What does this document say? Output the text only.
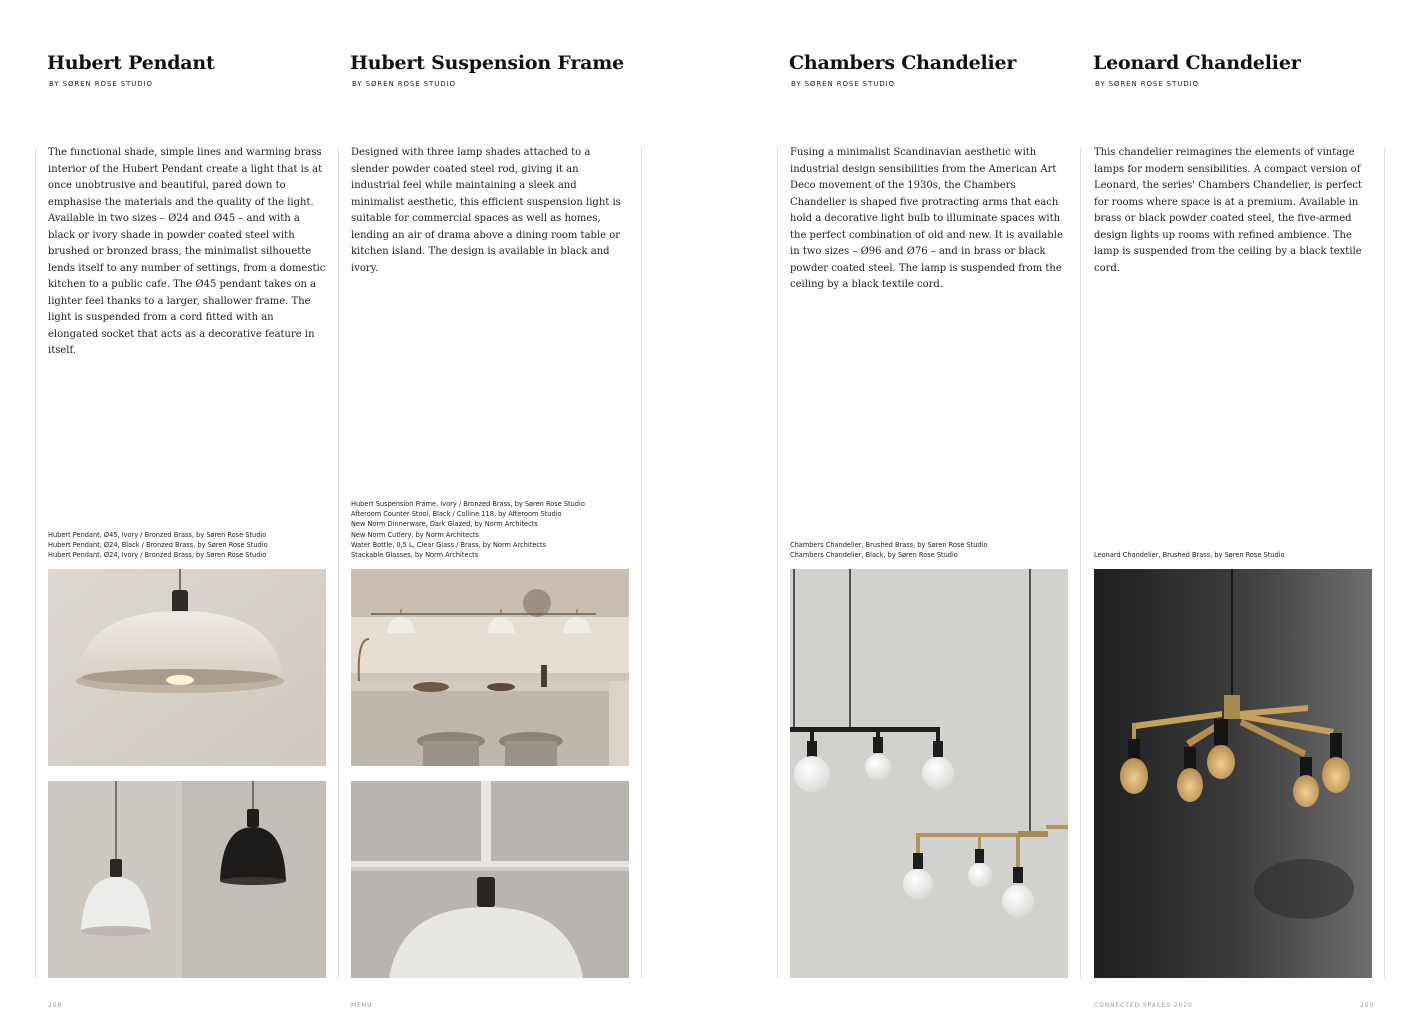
Hubert Pendant
BY SØREN ROSE STUDIO
The functional shade, simple lines and warming brass interior of the Hubert Pendant create a light that is at once unobtrusive and beautiful, pared down to emphasise the materials and the quality of the light. Available in two sizes – Ø24 and Ø45 – and with a black or ivory shade in powder coated steel with brushed or bronzed brass, the minimalist silhouette lends itself to any number of settings, from a domestic kitchen to a public cafe. The Ø45 pendant takes on a lighter feel thanks to a larger, shallower frame. The light is suspended from a cord fitted with an elongated socket that acts as a decorative feature in itself.
Hubert Pendant, Ø45, Ivory / Bronzed Brass, by Søren Rose Studio
Hubert Pendant, Ø24, Black / Bronzed Brass, by Søren Rose Studio
Hubert Pendant, Ø24, Ivory / Bronzed Brass, by Søren Rose Studio
Hubert Suspension Frame
BY SØREN ROSE STUDIO
Designed with three lamp shades attached to a slender powder coated steel rod, giving it an industrial feel while maintaining a sleek and minimalist aesthetic, this efficient suspension light is suitable for commercial spaces as well as homes, lending an air of drama above a dining room table or kitchen island. The design is available in black and ivory.
Hubert Suspension Frame, Ivory / Bronzed Brass, by Søren Rose Studio
Afteroom Counter Stool, Black / Colline 118, by Afteroom Studio
New Norm Dinnerware, Dark Glazed, by Norm Architects
New Norm Cutlery, by Norm Architects
Water Bottle, 0,5 L, Clear Glass / Brass, by Norm Architects
Stackable Glasses, by Norm Architects
Chambers Chandelier
BY SØREN ROSE STUDIO
Fusing a minimalist Scandinavian aesthetic with industrial design sensibilities from the American Art Deco movement of the 1930s, the Chambers Chandelier is shaped five protracting arms that each hold a decorative light bulb to illuminate spaces with the perfect combination of old and new. It is available in two sizes – Ø96 and Ø76 – and in brass or black powder coated steel. The lamp is suspended from the ceiling by a black textile cord.
Chambers Chandelier, Brushed Brass, by Søren Rose Studio
Chambers Chandelier, Black, by Søren Rose Studio
Leonard Chandelier
BY SØREN ROSE STUDIO
This chandelier reimagines the elements of vintage lamps for modern sensibilities. A compact version of Leonard, the series' Chambers Chandelier, is perfect for rooms where space is at a premium. Available in brass or black powder coated steel, the five-armed design lights up rooms with refined ambience. The lamp is suspended from the ceiling by a black textile cord.
Leonard Chandelier, Brushed Brass, by Søren Rose Studio
208	MENU	CONNECTED SPACES 2020	209
